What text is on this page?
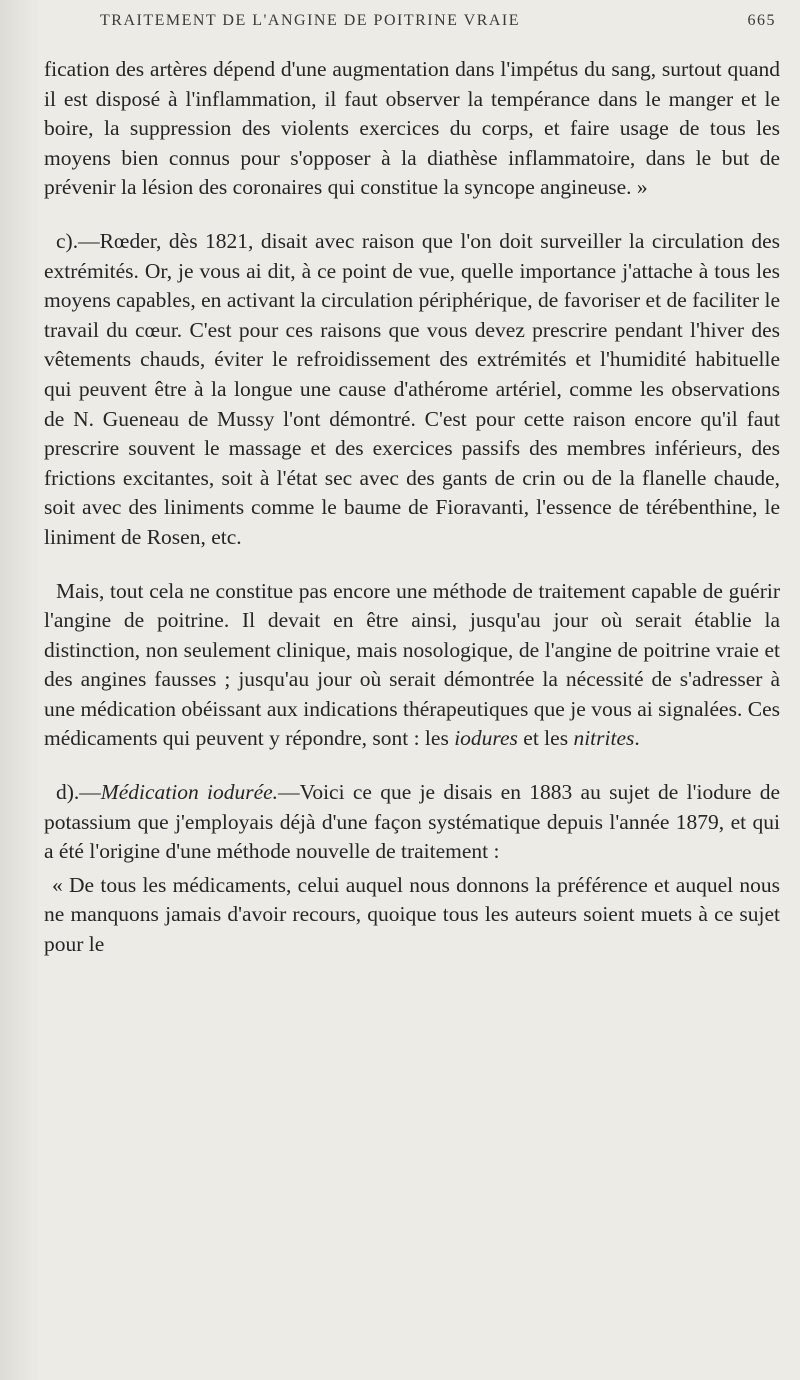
TRAITEMENT DE L'ANGINE DE POITRINE VRAIE	665

fication des artères dépend d'une augmentation dans l'impétus du sang, surtout quand il est disposé à l'inflammation, il faut observer la tempérance dans le manger et le boire, la suppression des violents exercices du corps, et faire usage de tous les moyens bien connus pour s'opposer à la diathèse inflammatoire, dans le but de prévenir la lésion des coronaires qui constitue la syncope angineuse. »

c).—Rœder, dès 1821, disait avec raison que l'on doit surveiller la circulation des extrémités. Or, je vous ai dit, à ce point de vue, quelle importance j'attache à tous les moyens capables, en activant la circulation périphérique, de favoriser et de faciliter le travail du cœur. C'est pour ces raisons que vous devez prescrire pendant l'hiver des vêtements chauds, éviter le refroidissement des extrémités et l'humidité habituelle qui peuvent être à la longue une cause d'athérome artériel, comme les observations de N. Gueneau de Mussy l'ont démontré. C'est pour cette raison encore qu'il faut prescrire souvent le massage et des exercices passifs des membres inférieurs, des frictions excitantes, soit à l'état sec avec des gants de crin ou de la flanelle chaude, soit avec des liniments comme le baume de Fioravanti, l'essence de térébenthine, le liniment de Rosen, etc.

Mais, tout cela ne constitue pas encore une méthode de traitement capable de guérir l'angine de poitrine. Il devait en être ainsi, jusqu'au jour où serait établie la distinction, non seulement clinique, mais nosologique, de l'angine de poitrine vraie et des angines fausses ; jusqu'au jour où serait démontrée la nécessité de s'adresser à une médication obéissant aux indications thérapeutiques que je vous ai signalées. Ces médicaments qui peuvent y répondre, sont : les iodures et les nitrites.

d).—Médication iodurée.—Voici ce que je disais en 1883 au sujet de l'iodure de potassium que j'employais déjà d'une façon systématique depuis l'année 1879, et qui a été l'origine d'une méthode nouvelle de traitement :

« De tous les médicaments, celui auquel nous donnons la préférence et auquel nous ne manquons jamais d'avoir recours, quoique tous les auteurs soient muets à ce sujet pour le
